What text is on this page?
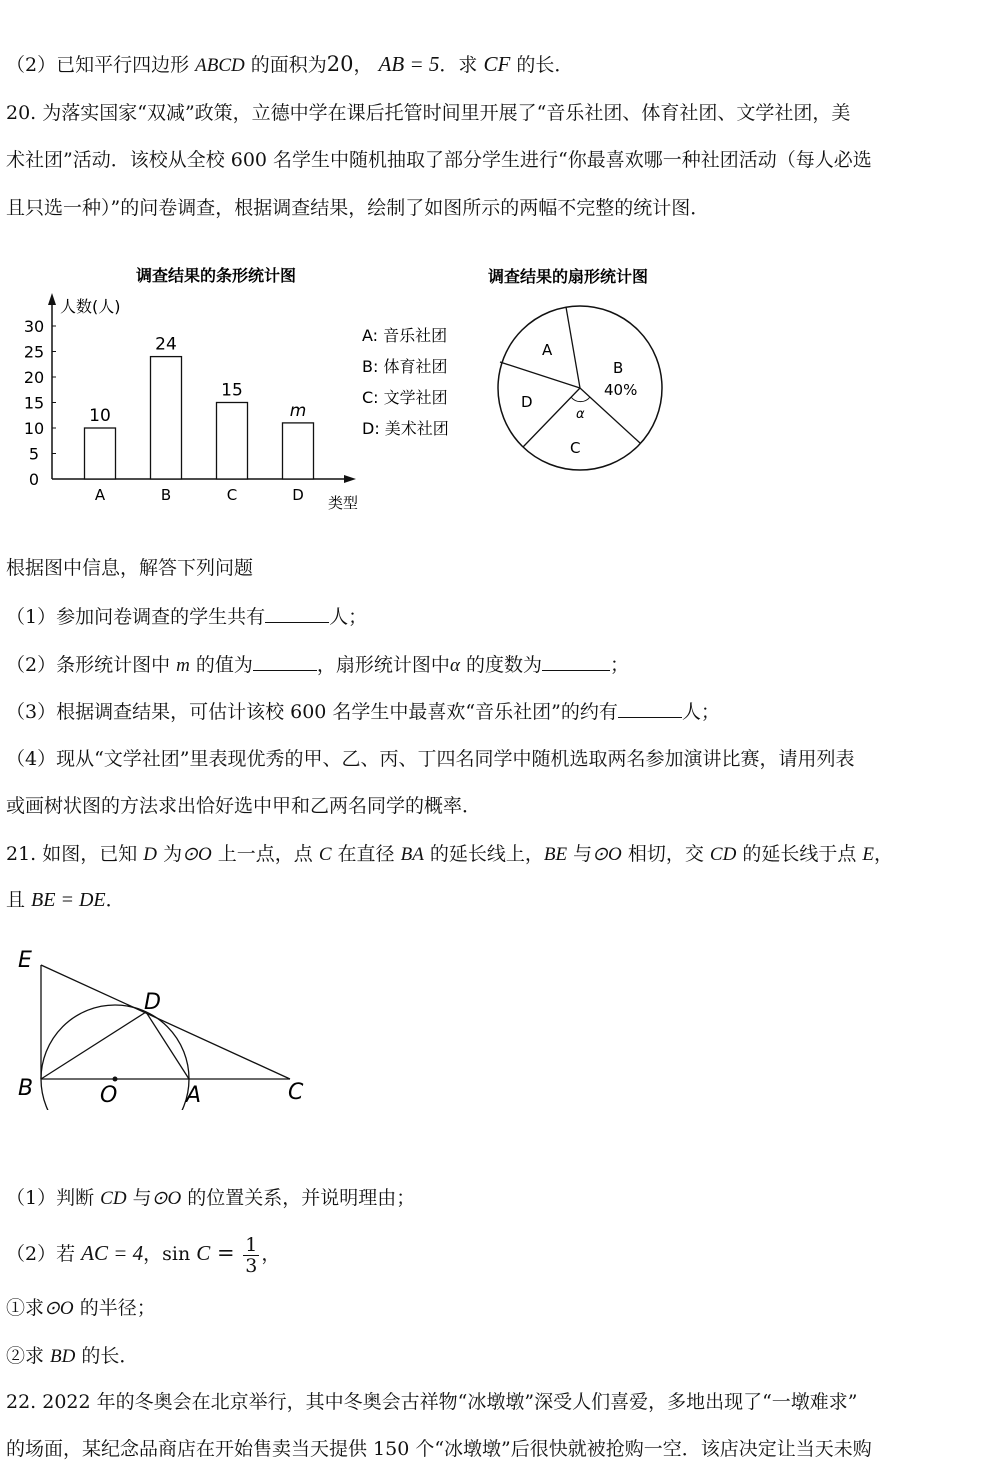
（2）已知平行四边形 ABCD 的面积为20， AB = 5．求 CF 的长．
20. 为落实国家“双减”政策，立德中学在课后托管时间里开展了“音乐社团、体育社团、文学社团，美
术社团”活动．该校从全校 600 名学生中随机抽取了部分学生进行“你最喜欢哪一种社团活动（每人必选
且只选一种）”的问卷调查，根据调查结果，绘制了如图所示的两幅不完整的统计图．
调查结果的条形统计图
人数(人)
类型
0
5
10
15
20
25
30
10
A
24
B
15
C
m
D
A: 音乐社团
B: 体育社团
C: 文学社团
D: 美术社团
调查结果的扇形统计图
A
B
40%
C
D
α
根据图中信息，解答下列问题
（1）参加问卷调查的学生共有	人；
（2）条形统计图中 m 的值为	，扇形统计图中α 的度数为	；
（3）根据调查结果，可估计该校 600 名学生中最喜欢“音乐社团”的约有	人；
（4）现从“文学社团”里表现优秀的甲、乙、丙、丁四名同学中随机选取两名参加演讲比赛，请用列表
或画树状图的方法求出恰好选中甲和乙两名同学的概率．
21. 如图，已知 D 为⊙O 上一点，点 C 在直径 BA 的延长线上，BE 与⊙O 相切，交 CD 的延长线于点 E，
且 BE = DE．
E
D
B	O	A	C
（1）判断 CD 与⊙O 的位置关系，并说明理由；
（2）若 AC = 4，$\sin C = \frac{1}{3}$ ，
①求⊙O 的半径；
②求 BD 的长．
22. 2022 年的冬奥会在北京举行，其中冬奥会古祥物“冰墩墩”深受人们喜爱，多地出现了“一墩难求”
的场面，某纪念品商店在开始售卖当天提供 150 个“冰墩墩”后很快就被抢购一空．该店决定让当天未购
